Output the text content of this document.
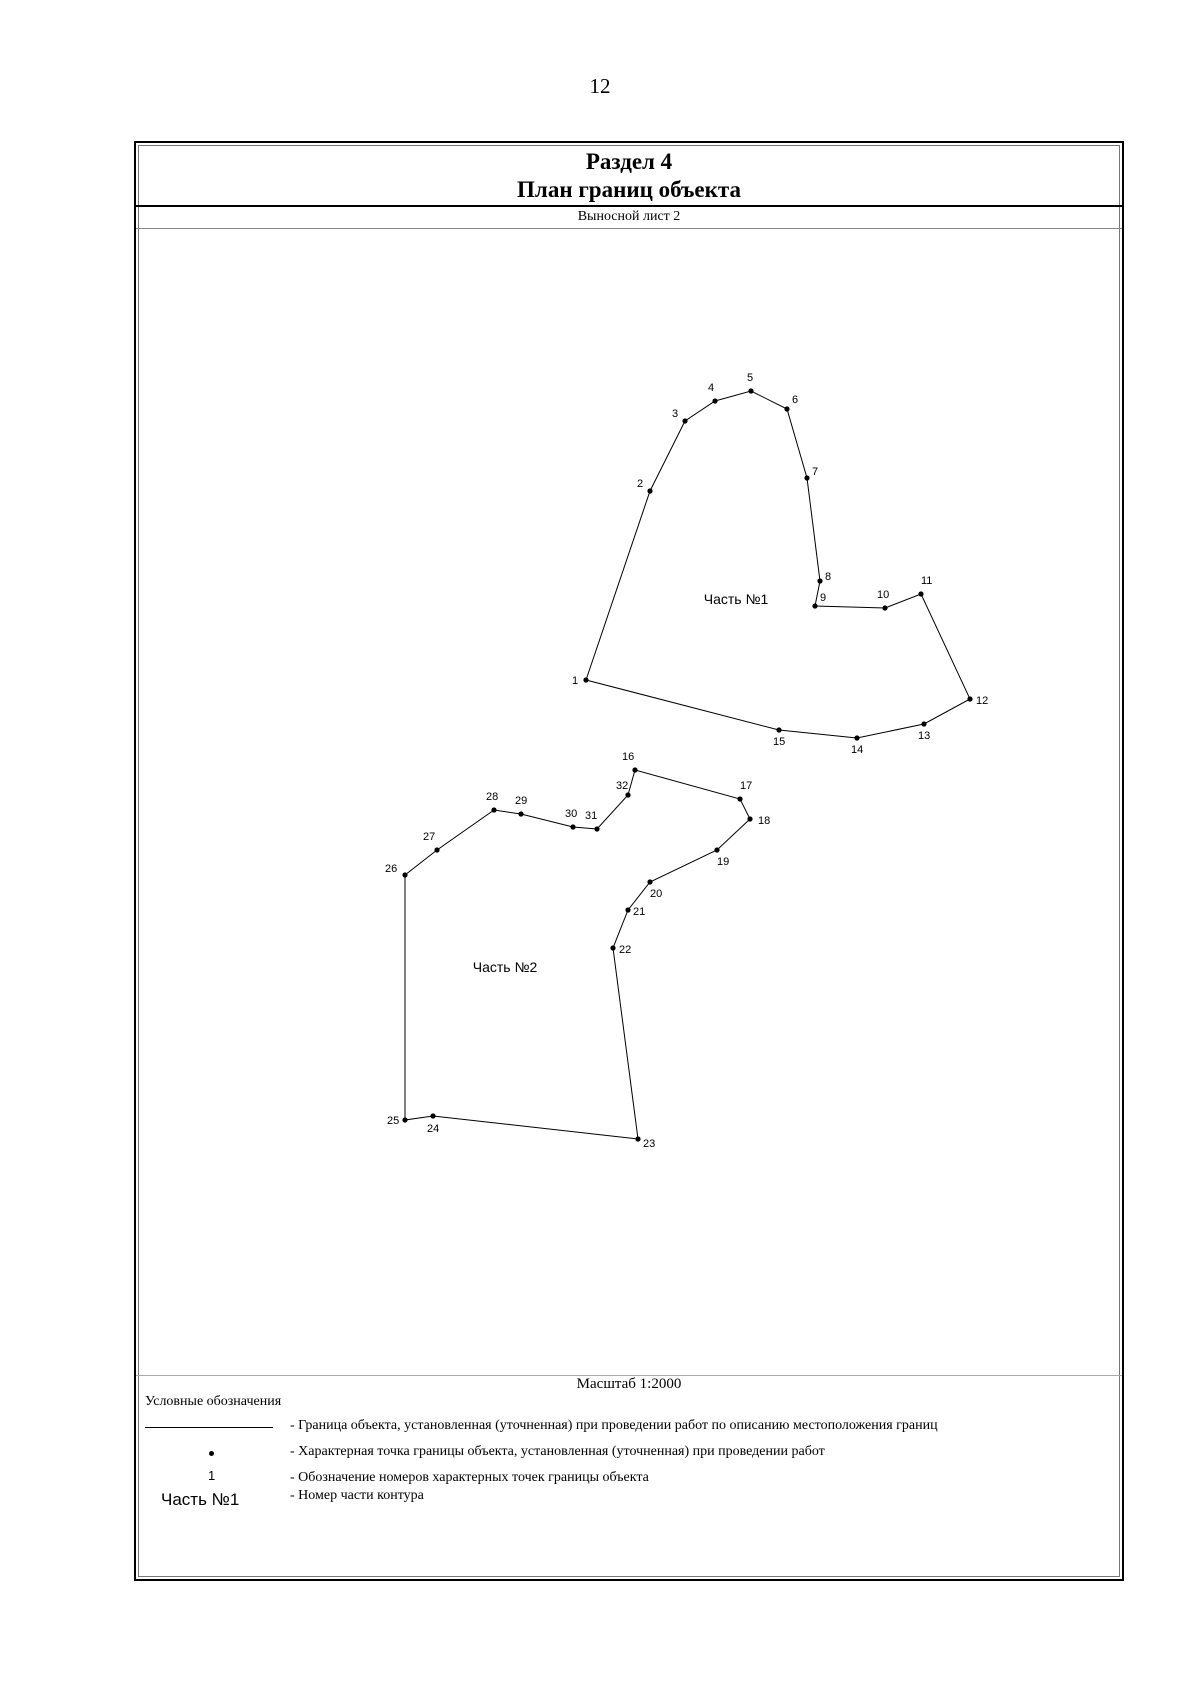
12
Раздел 4
План границ объекта
Выносной лист 2
1
2
3
4
5
6
7
8
9	10
11
12
13
14
15
Часть №1
16
17
18
19
20
21
22
23
24
25
26
27
28 29
30 31
32
Часть №2
Масштаб 1:2000
Условные обозначения
- Граница объекта, установленная (уточненная) при проведении работ по описанию местоположения границ
- Характерная точка границы объекта, установленная (уточненная) при проведении работ
1	- Обозначение номеров характерных точек границы объекта
Часть №1	- Номер части контура
